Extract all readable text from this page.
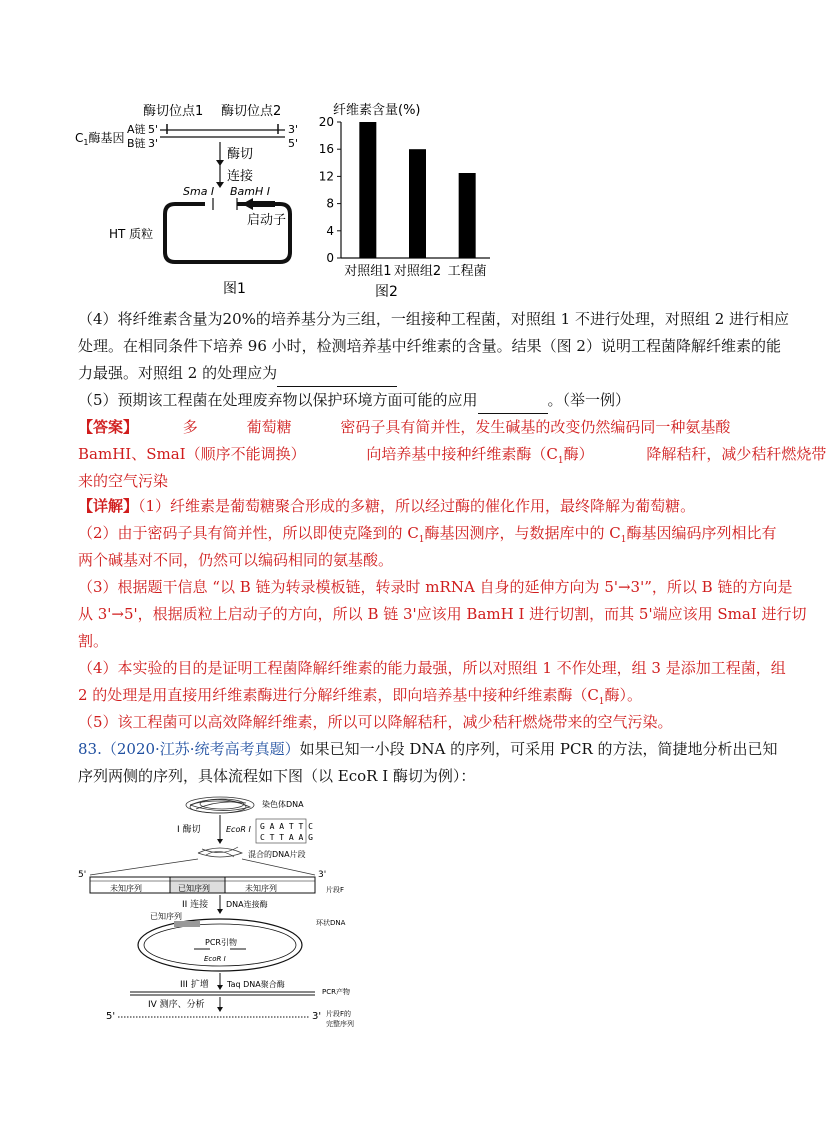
酶切位点1 酶切位点2
$C_1$酶基因
A链 5'
B链 3'
3'
5'
酶切
连接
Sma I BamH I
启动子
HT 质粒
图1
纤维素含量(%)
0
4
8
12
16
20
对照组1 对照组2 工程菌
图2
（4）将纤维素含量为20%的培养基分为三组，一组接种工程菌，对照组 1 不进行处理，对照组 2 进行相应
处理。在相同条件下培养 96 小时，检测培养基中纤维素的含量。结果（图 2）说明工程菌降解纤维素的能
力最强。对照组 2 的处理应为
（5）预期该工程菌在处理废弃物以保护环境方面可能的应用	。（举一例）
【答案】	多	葡萄糖	密码子具有简并性，发生碱基的改变仍然编码同一种氨基酸
BamHI、SmaI（顺序不能调换）	向培养基中接种纤维素酶（$C_1$酶）	降解秸秆，减少秸秆燃烧带
来的空气污染
【详解】（1）纤维素是葡萄糖聚合形成的多糖，所以经过酶的催化作用，最终降解为葡萄糖。
（2）由于密码子具有简并性，所以即使克隆到的 $C_1$酶基因测序，与数据库中的 $C_1$酶基因编码序列相比有
两个碱基对不同，仍然可以编码相同的氨基酸。
（3）根据题干信息 “以 B 链为转录模板链，转录时 mRNA 自身的延伸方向为 5'→3'”，所以 B 链的方向是
从 3'→5'，根据质粒上启动子的方向，所以 B 链 3'应该用 BamH I 进行切割，而其 5'端应该用 SmaI 进行切
割。
（4）本实验的目的是证明工程菌降解纤维素的能力最强，所以对照组 1 不作处理，组 3 是添加工程菌，组
2 的处理是用直接用纤维素酶进行分解纤维素，即向培养基中接种纤维素酶（$C_1$酶）。
（5）该工程菌可以高效降解纤维素，所以可以降解秸秆，减少秸秆燃烧带来的空气污染。
83.（2020·江苏·统考高考真题）如果已知一小段 DNA 的序列，可采用 PCR 的方法，简捷地分析出已知
序列两侧的序列，具体流程如下图（以 EcoR I 酶切为例）：
染色体DNA
I 酶切	EcoR I G A A T T C
C T T A A G
混合的DNA片段
5'
未知序列	已知序列	未知序列
3'
片段F
II 连接 DNA连接酶
已知序列
PCR引物
EcoR I
环状DNA
III 扩增 Taq DNA聚合酶
PCR产物
IV 测序、分析
5'	3' 片段F的
完整序列
